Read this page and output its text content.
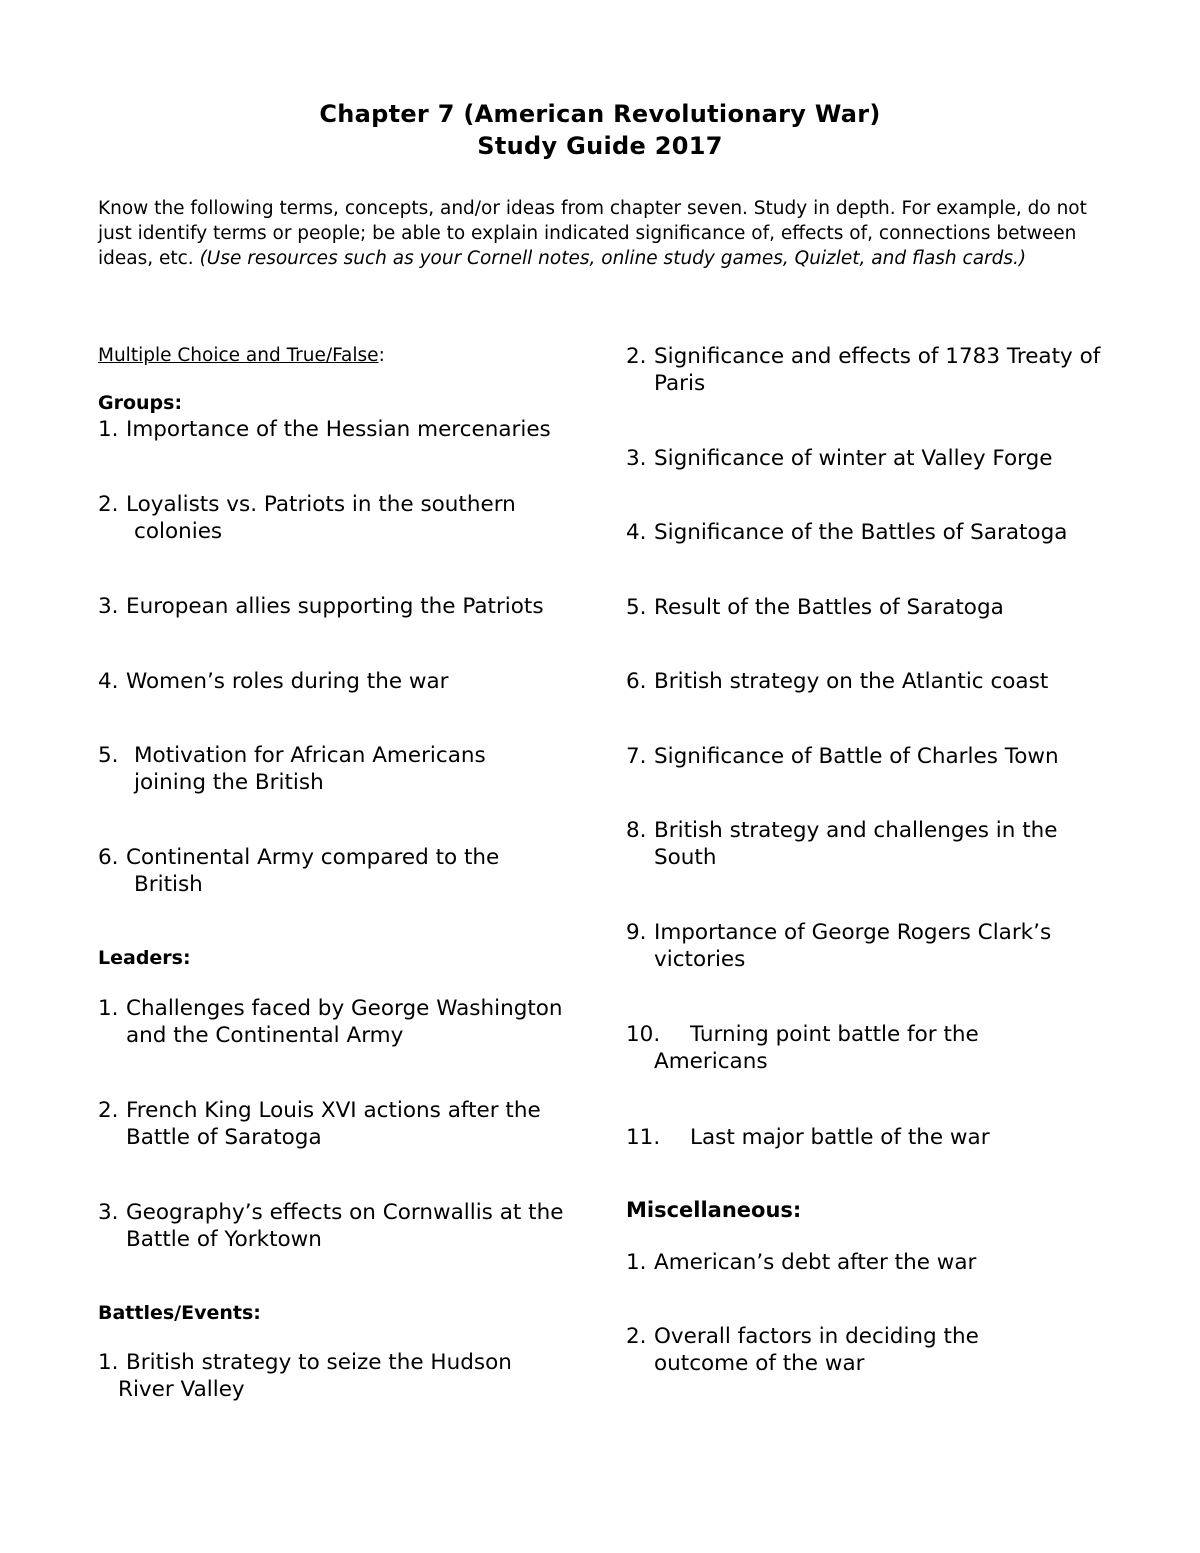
Chapter 7 (American Revolutionary War)
Study Guide 2017

Know the following terms, concepts, and/or ideas from chapter seven. Study in depth. For example, do not just identify terms or people; be able to explain indicated significance of, effects of, connections between ideas, etc. (Use resources such as your Cornell notes, online study games, Quizlet, and flash cards.)

Multiple Choice and True/False:

Groups:

1. Importance of the Hessian mercenaries
2. Loyalists vs. Patriots in the southern
colonies
3. European allies supporting the Patriots
4. Women’s roles during the war
5. Motivation for African Americans joining the British
6. Continental Army compared to the
British

Leaders:

1. Challenges faced by George Washington and the Continental Army
2. French King Louis XVI actions after the Battle of Saratoga
3. Geography’s effects on Cornwallis at the Battle of Yorktown

Battles/Events:

1. British strategy to seize the Hudson
River Valley
2. Significance and effects of 1783 Treaty of Paris
3. Significance of winter at Valley Forge
4. Significance of the Battles of Saratoga
5. Result of the Battles of Saratoga
6. British strategy on the Atlantic coast
7. Significance of Battle of Charles Town
8. British strategy and challenges in the South
9. Importance of George Rogers Clark’s victories
10.	Turning point battle for the
Americans
11.	Last major battle of the war

Miscellaneous:

1. American’s debt after the war
2. Overall factors in deciding the outcome of the war
